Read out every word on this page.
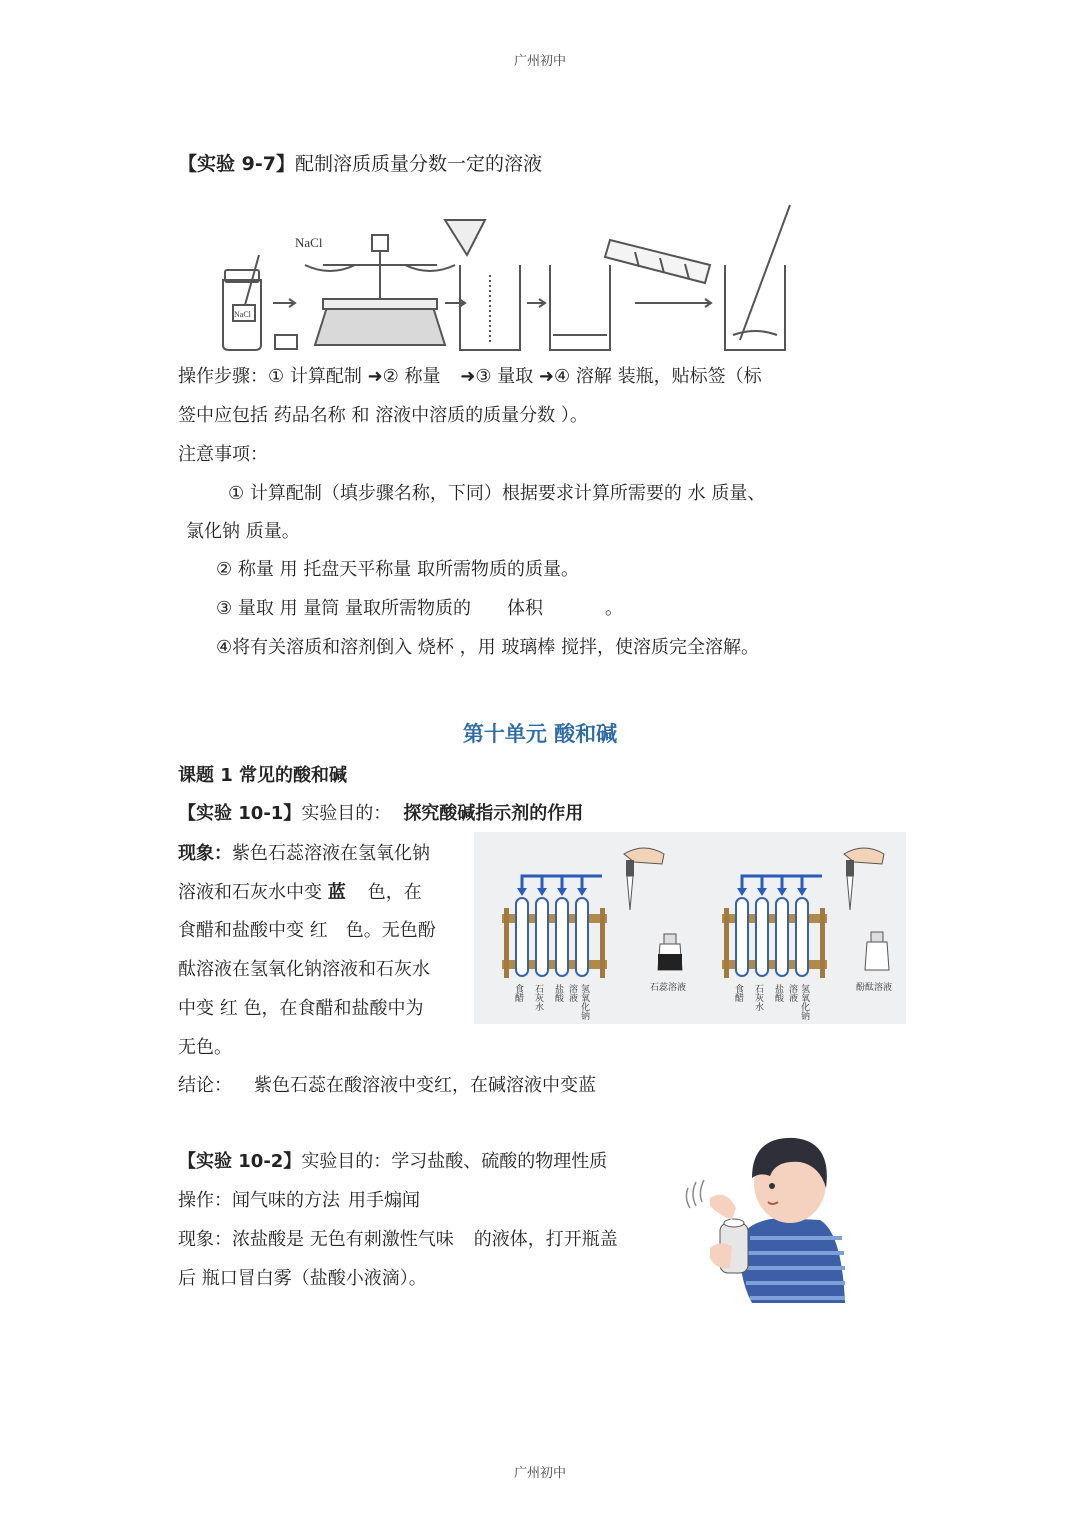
广州初中
【实验 9-7】配制溶质质量分数一定的溶液
NaCl
NaCl
操作步骤：① 计算配制 ➜② 称量 ➜③ 量取 ➜④ 溶解 装瓶，贴标签（标
签中应包括 药品名称 和 溶液中溶质的质量分数 ）。
注意事项：
① 计算配制（填步骤名称，下同）根据要求计算所需要的 水 质量、
氯化钠 质量。
② 称量 用 托盘天平称量 取所需物质的质量。
③ 量取 用 量筒 量取所需物质的 体积	。
④将有关溶质和溶剂倒入 烧杯 ，用 玻璃棒 搅拌，使溶质完全溶解。
第十单元 酸和碱
课题 1 常见的酸和碱
【实验 10-1】实验目的： 探究酸碱指示剂的作用
现象：紫色石蕊溶液在氢氧化钠
溶液和石灰水中变 蓝 色，在
食醋和盐酸中变 红 色。无色酚
酞溶液在氢氧化钠溶液和石灰水
中变 红 色，在食醋和盐酸中为
无色。
结论： 紫色石蕊在酸溶液中变红，在碱溶液中变蓝
食醋 石灰水 盐酸 溶液 氢氧化钠	食醋 石灰水 盐酸 溶液 氢氧化钠
石蕊溶液	酚酞溶液
【实验 10-2】实验目的：学习盐酸、硫酸的物理性质
操作：闻气味的方法 用手煽闻
现象：浓盐酸是 无色有刺激性气味 的液体，打开瓶盖
后 瓶口冒白雾（盐酸小液滴）。
广州初中
